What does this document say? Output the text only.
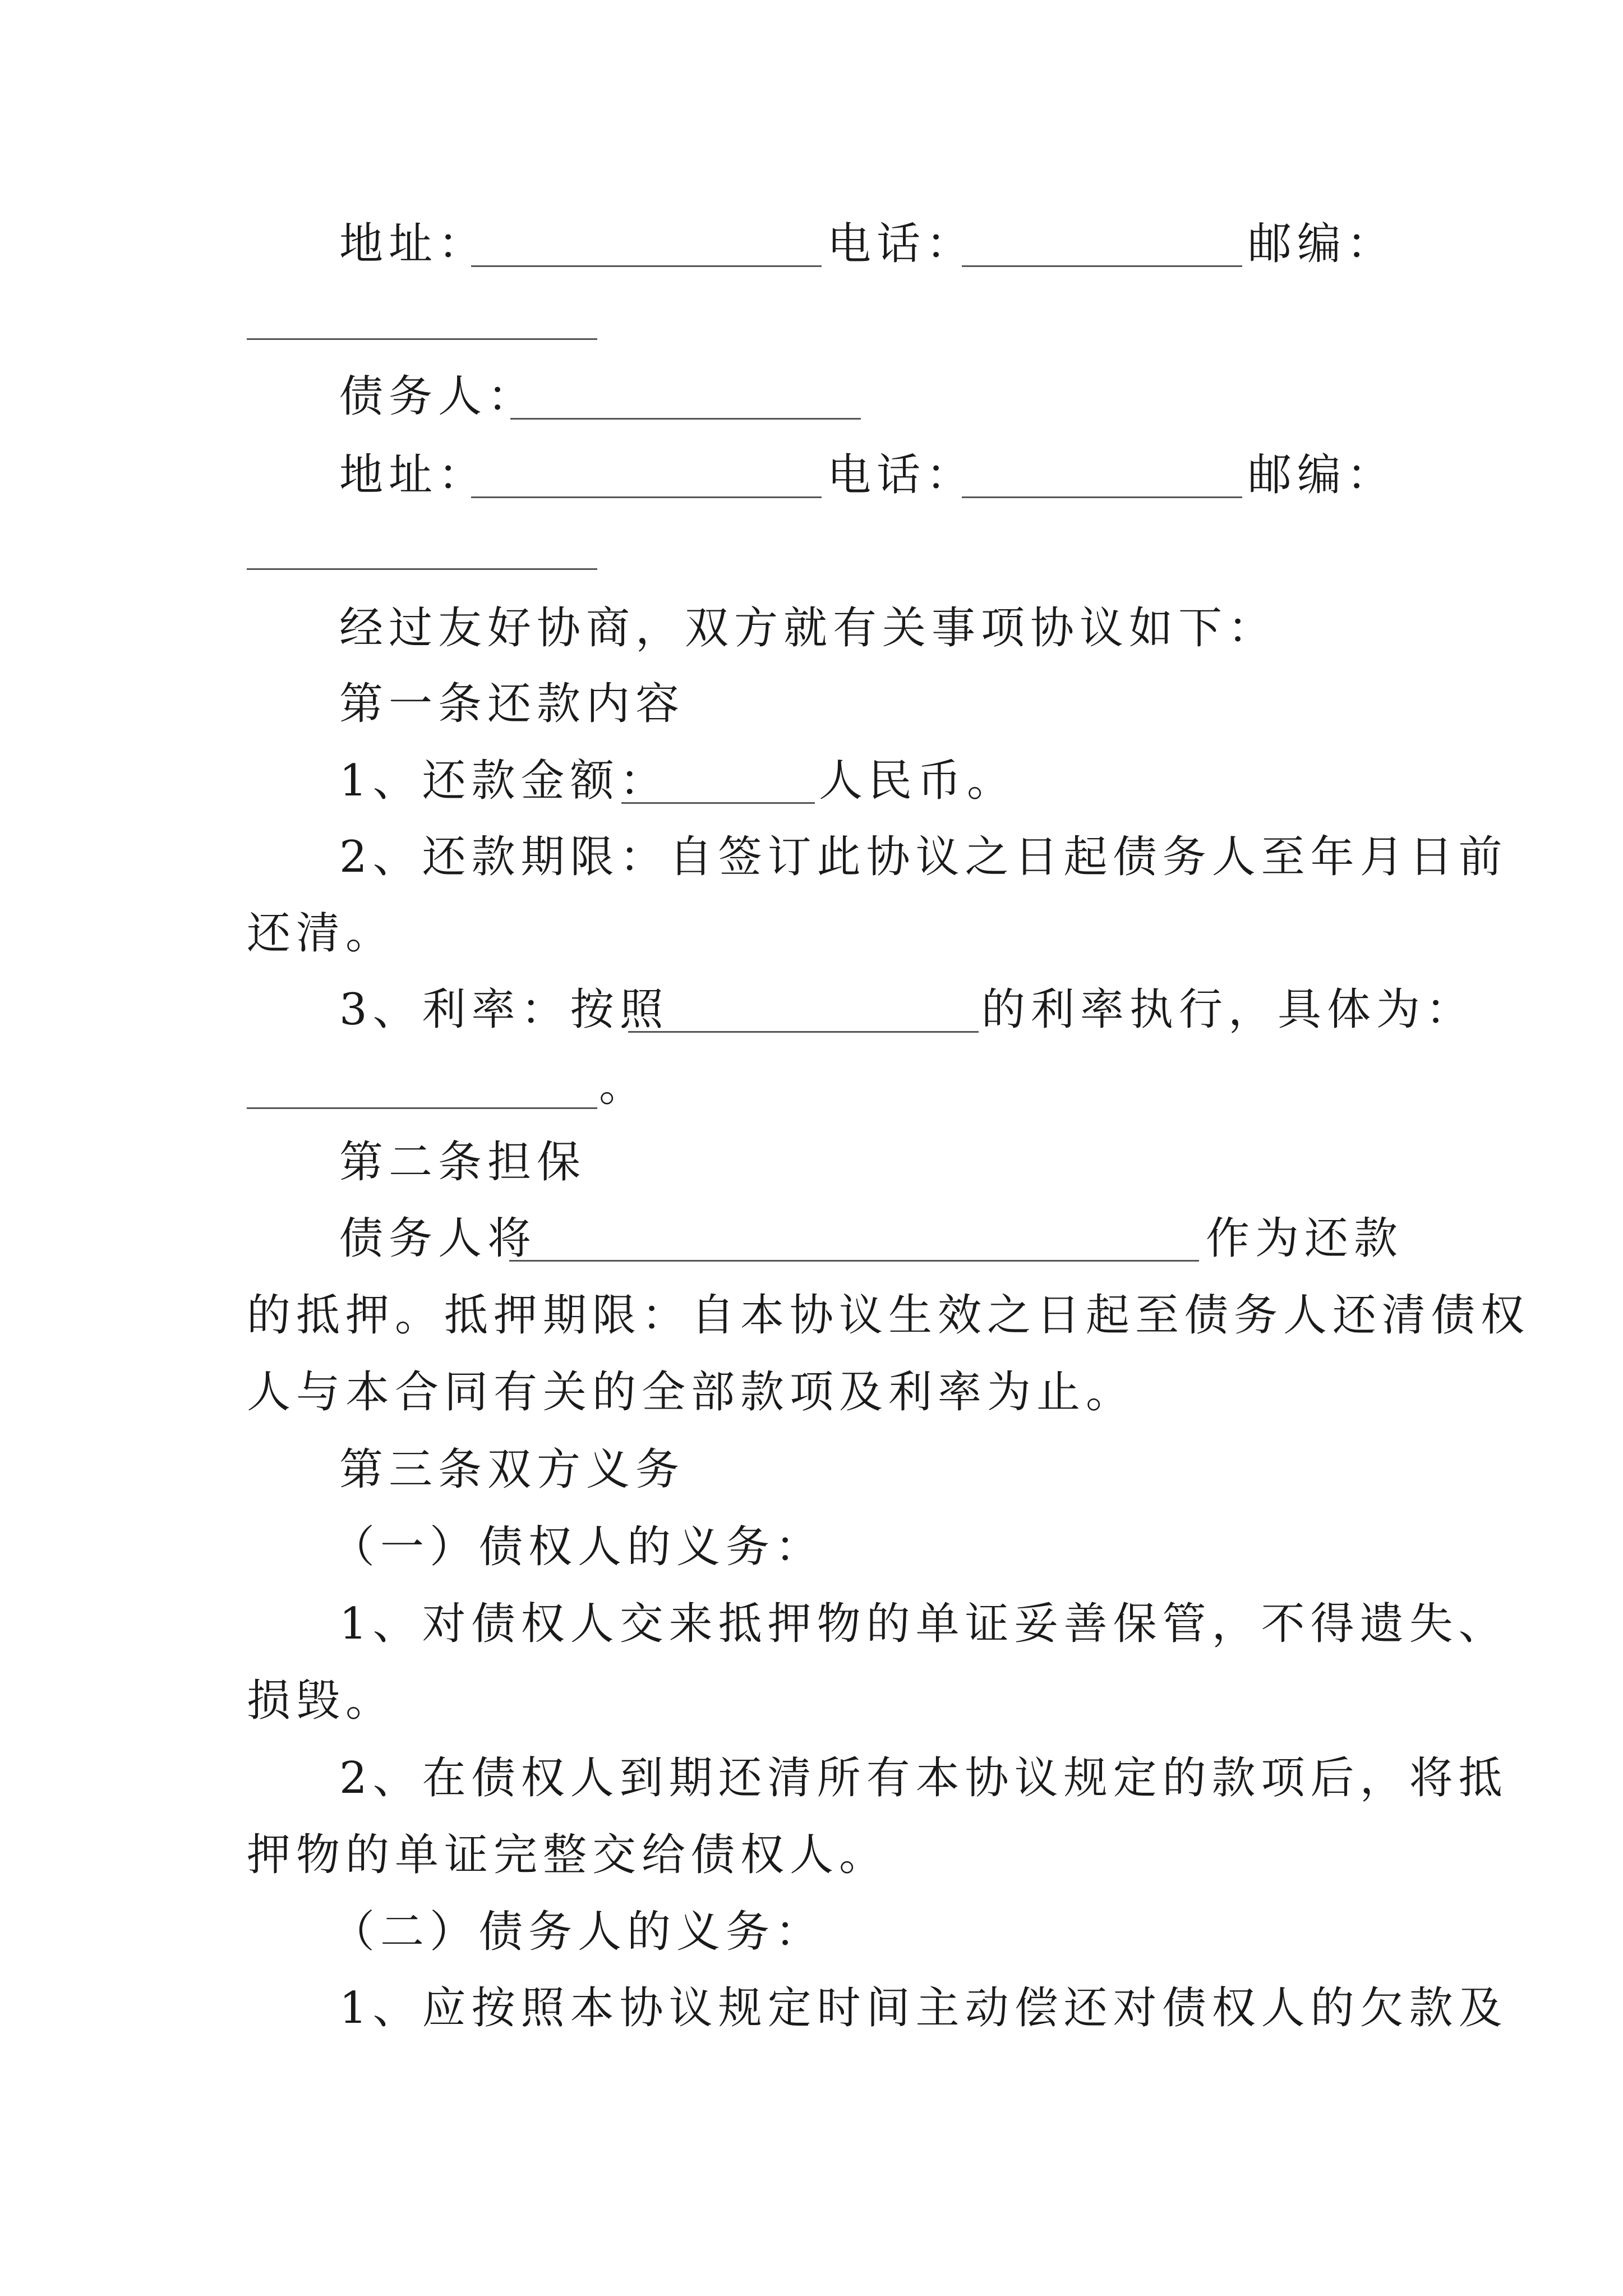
地址：	电话：	邮编：
债务人：
地址：	电话：	邮编：
经过友好协商，双方就有关事项协议如下：
第一条还款内容
1、还款金额：	人民币。
2、还款期限：自签订此协议之日起债务人至年月日前
还清。
3、利率：按照	的利率执行，具体为：
。
第二条担保
债务人将	作为还款
的抵押。抵押期限：自本协议生效之日起至债务人还清债权
人与本合同有关的全部款项及利率为止。
第三条双方义务
（一）债权人的义务：
1、对债权人交来抵押物的单证妥善保管，不得遗失、
损毁。
2、在债权人到期还清所有本协议规定的款项后，将抵
押物的单证完整交给债权人。
（二）债务人的义务：
1、应按照本协议规定时间主动偿还对债权人的欠款及
